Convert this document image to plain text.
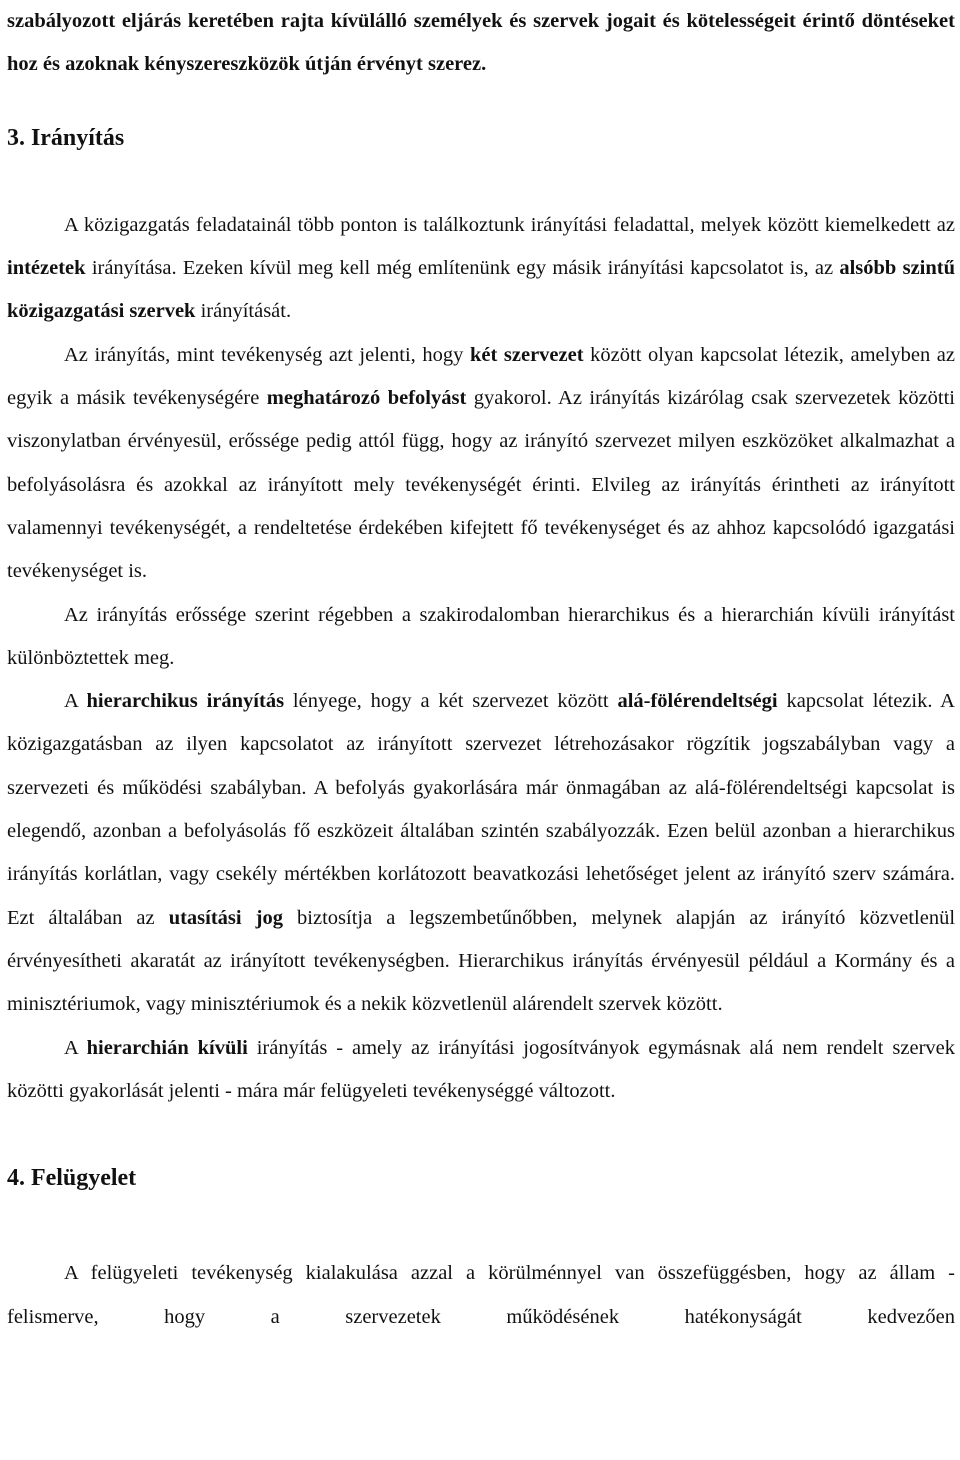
szabályozott eljárás keretében rajta kívülálló személyek és szervek jogait és kötelességeit érintő döntéseket hoz és azoknak kényszereszközök útján érvényt szerez.

3. Irányítás

A közigazgatás feladatainál több ponton is találkoztunk irányítási feladattal, melyek között kiemelkedett az intézetek irányítása. Ezeken kívül meg kell még említenünk egy másik irányítási kapcsolatot is, az alsóbb szintű közigazgatási szervek irányítását.

Az irányítás, mint tevékenység azt jelenti, hogy két szervezet között olyan kapcsolat létezik, amelyben az egyik a másik tevékenységére meghatározó befolyást gyakorol. Az irányítás kizárólag csak szervezetek közötti viszonylatban érvényesül, erőssége pedig attól függ, hogy az irányító szervezet milyen eszközöket alkalmazhat a befolyásolásra és azokkal az irányított mely tevékenységét érinti. Elvileg az irányítás érintheti az irányított valamennyi tevékenységét, a rendeltetése érdekében kifejtett fő tevékenységet és az ahhoz kapcsolódó igazgatási tevékenységet is.

Az irányítás erőssége szerint régebben a szakirodalomban hierarchikus és a hierarchián kívüli irányítást különböztettek meg.

A hierarchikus irányítás lényege, hogy a két szervezet között alá-fölérendeltségi kapcsolat létezik. A közigazgatásban az ilyen kapcsolatot az irányított szervezet létrehozásakor rögzítik jogszabályban vagy a szervezeti és működési szabályban. A befolyás gyakorlására már önmagában az alá-fölérendeltségi kapcsolat is elegendő, azonban a befolyásolás fő eszközeit általában szintén szabályozzák. Ezen belül azonban a hierarchikus irányítás korlátlan, vagy csekély mértékben korlátozott beavatkozási lehetőséget jelent az irányító szerv számára. Ezt általában az utasítási jog biztosítja a legszembetűnőbben, melynek alapján az irányító közvetlenül érvényesítheti akaratát az irányított tevékenységben. Hierarchikus irányítás érvényesül például a Kormány és a minisztériumok, vagy minisztériumok és a nekik közvetlenül alárendelt szervek között.

A hierarchián kívüli irányítás - amely az irányítási jogosítványok egymásnak alá nem rendelt szervek közötti gyakorlását jelenti - mára már felügyeleti tevékenységgé változott.

4. Felügyelet

A felügyeleti tevékenység kialakulása azzal a körülménnyel van összefüggésben, hogy az állam - felismerve, hogy a szervezetek működésének hatékonyságát kedvezően
